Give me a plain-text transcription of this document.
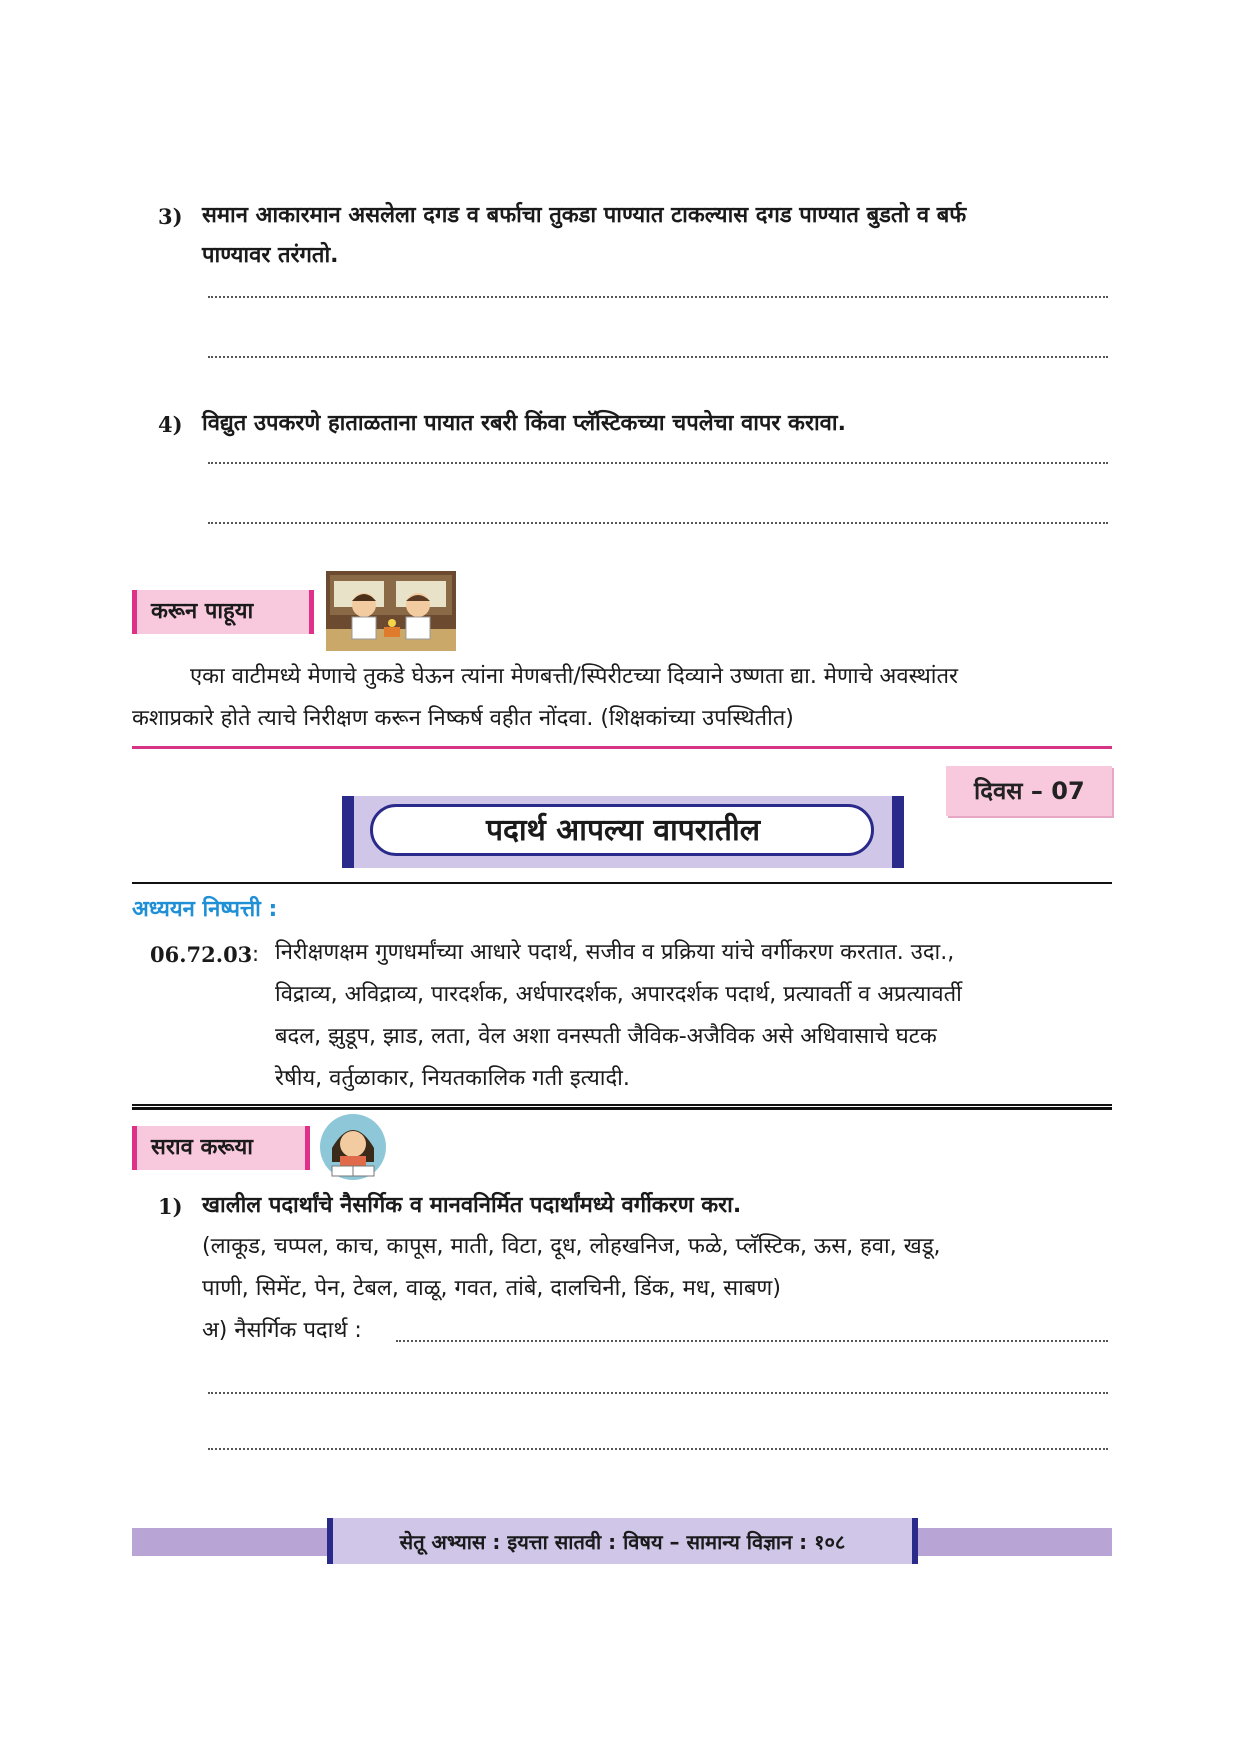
3) समान आकारमान असलेला दगड व बर्फाचा तुकडा पाण्यात टाकल्यास दगड पाण्यात बुडतो व बर्फ
पाण्यावर तरंगतो.
4) विद्युत उपकरणे हाताळताना पायात रबरी किंवा प्लॅस्टिकच्या चपलेचा वापर करावा.
करून पाहूया
एका वाटीमध्ये मेणाचे तुकडे घेऊन त्यांना मेणबत्ती/स्पिरीटच्या दिव्याने उष्णता द्या. मेणाचे अवस्थांतर
कशाप्रकारे होते त्याचे निरीक्षण करून निष्कर्ष वहीत नोंदवा. (शिक्षकांच्या उपस्थितीत)
दिवस – 07
पदार्थ आपल्या वापरातील
अध्ययन निष्पत्ती :
06.72.03 : निरीक्षणक्षम गुणधर्मांच्या आधारे पदार्थ, सजीव व प्रक्रिया यांचे वर्गीकरण करतात. उदा.,
विद्राव्य, अविद्राव्य, पारदर्शक, अर्धपारदर्शक, अपारदर्शक पदार्थ, प्रत्यावर्ती व अप्रत्यावर्ती
बदल, झुडूप, झाड, लता, वेल अशा वनस्पती जैविक-अजैविक असे अधिवासाचे घटक
रेषीय, वर्तुळाकार, नियतकालिक गती इत्यादी.
सराव करूया
1) खालील पदार्थांचे नैसर्गिक व मानवनिर्मित पदार्थांमध्ये वर्गीकरण करा.
(लाकूड, चप्पल, काच, कापूस, माती, विटा, दूध, लोहखनिज, फळे, प्लॅस्टिक, ऊस, हवा, खडू,
पाणी, सिमेंट, पेन, टेबल, वाळू, गवत, तांबे, दालचिनी, डिंक, मध, साबण)
अ) नैसर्गिक पदार्थ :
सेतू अभ्यास : इयत्ता सातवी : विषय – सामान्य विज्ञान : १०८
